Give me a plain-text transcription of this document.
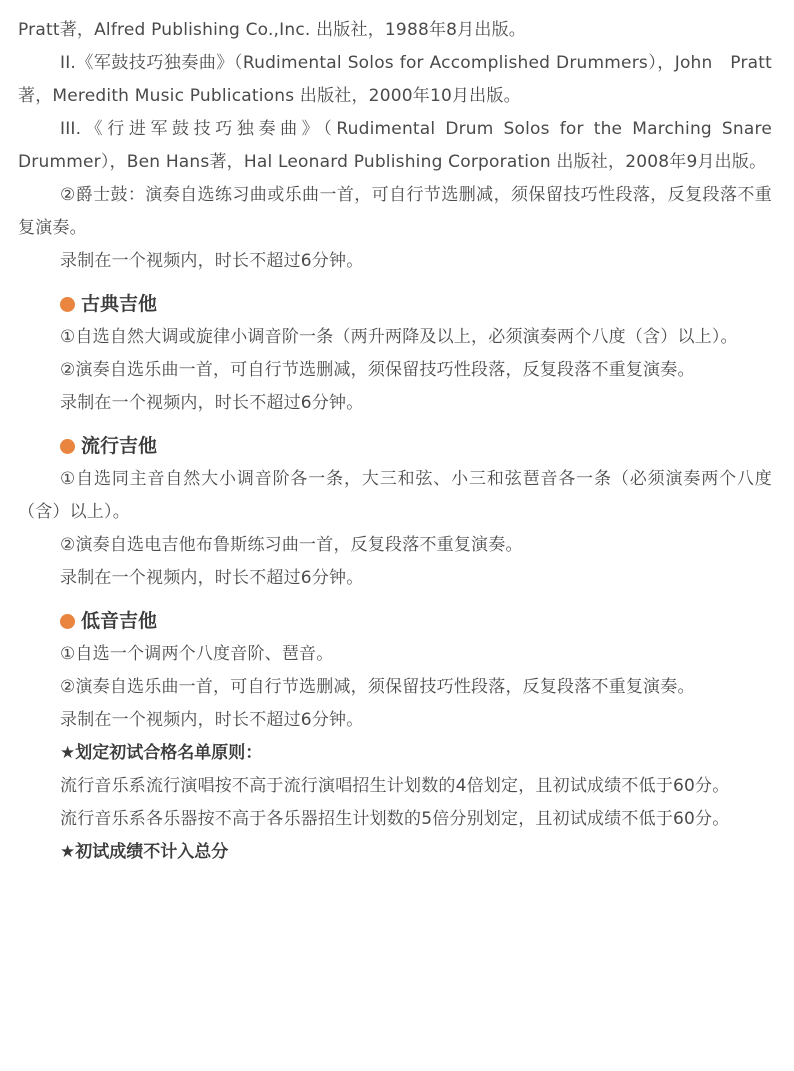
Pratt著，Alfred Publishing Co.,Inc. 出版社，1988年8月出版。

II.《军鼓技巧独奏曲》（Rudimental Solos for Accomplished Drummers），John　Pratt 著，Meredith Music Publications 出版社，2000年10月出版。

III.《行进军鼓技巧独奏曲》（Rudimental Drum Solos for the Marching Snare Drummer），Ben Hans著，Hal Leonard Publishing Corporation 出版社，2008年9月出版。

②爵士鼓：演奏自选练习曲或乐曲一首，可自行节选删减，须保留技巧性段落，反复段落不重复演奏。

录制在一个视频内，时长不超过6分钟。

古典吉他

①自选自然大调或旋律小调音阶一条（两升两降及以上，必须演奏两个八度（含）以上）。

②演奏自选乐曲一首，可自行节选删减，须保留技巧性段落，反复段落不重复演奏。

录制在一个视频内，时长不超过6分钟。

流行吉他

①自选同主音自然大小调音阶各一条，大三和弦、小三和弦琶音各一条（必须演奏两个八度（含）以上）。

②演奏自选电吉他布鲁斯练习曲一首，反复段落不重复演奏。

录制在一个视频内，时长不超过6分钟。

低音吉他

①自选一个调两个八度音阶、琶音。

②演奏自选乐曲一首，可自行节选删减，须保留技巧性段落，反复段落不重复演奏。

录制在一个视频内，时长不超过6分钟。

★划定初试合格名单原则：

流行音乐系流行演唱按不高于流行演唱招生计划数的4倍划定，且初试成绩不低于60分。

流行音乐系各乐器按不高于各乐器招生计划数的5倍分别划定，且初试成绩不低于60分。

★初试成绩不计入总分
